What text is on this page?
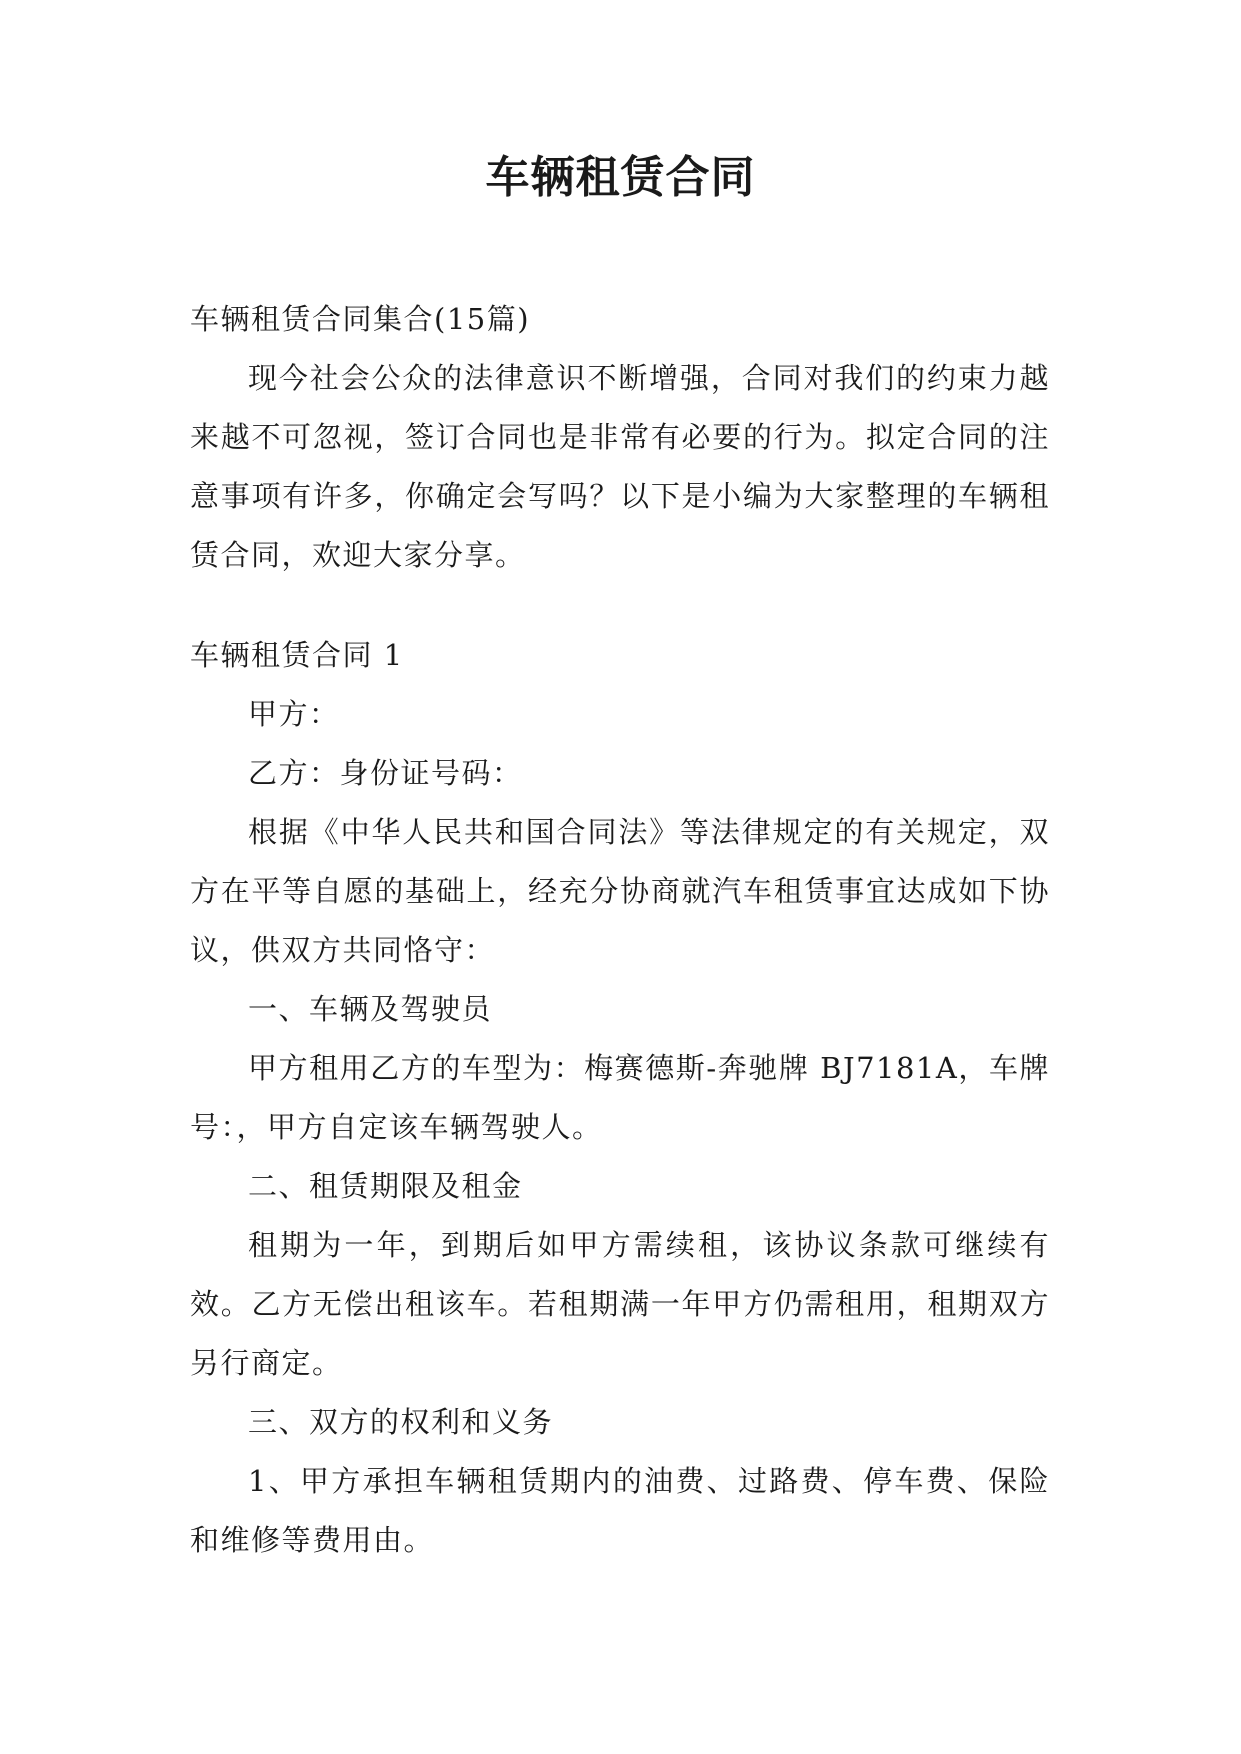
车辆租赁合同

车辆租赁合同集合(15篇)

现今社会公众的法律意识不断增强，合同对我们的约束力越来越不可忽视，签订合同也是非常有必要的行为。拟定合同的注意事项有许多，你确定会写吗？以下是小编为大家整理的车辆租赁合同，欢迎大家分享。

车辆租赁合同 1

甲方：

乙方：身份证号码：

根据《中华人民共和国合同法》等法律规定的有关规定，双方在平等自愿的基础上，经充分协商就汽车租赁事宜达成如下协议，供双方共同恪守：

一、车辆及驾驶员

甲方租用乙方的车型为：梅赛德斯-奔驰牌 BJ7181A，车牌号：，甲方自定该车辆驾驶人。

二、租赁期限及租金

租期为一年，到期后如甲方需续租，该协议条款可继续有效。乙方无偿出租该车。若租期满一年甲方仍需租用，租期双方另行商定。

三、双方的权利和义务

1、甲方承担车辆租赁期内的油费、过路费、停车费、保险和维修等费用由。
